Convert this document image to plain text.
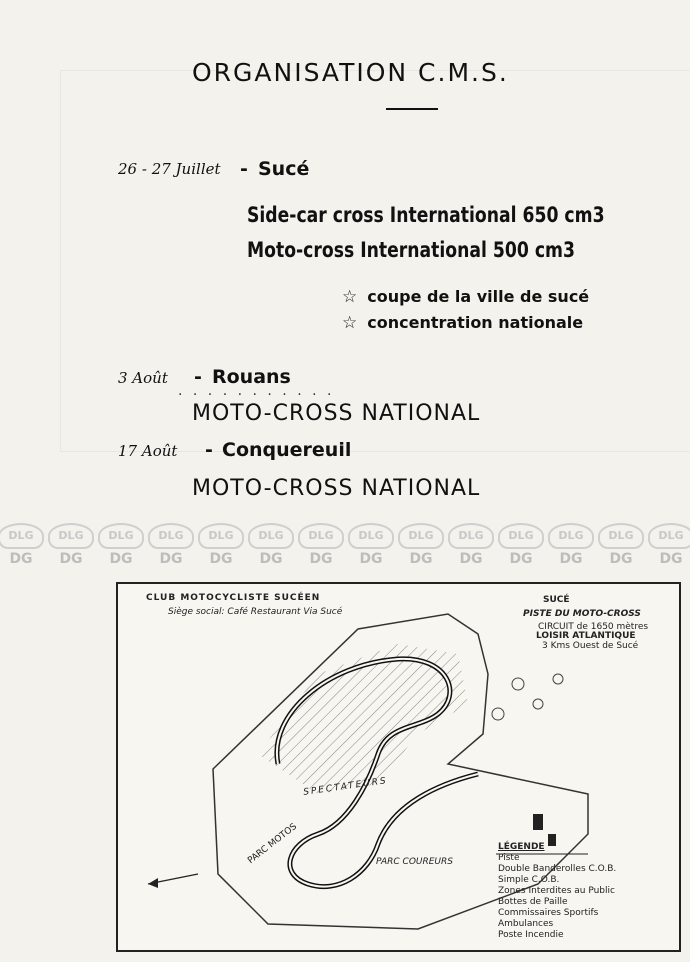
ORGANISATION C.M.S.
26 - 27 Juillet - Sucé
Side-car cross International 650 cm3
Moto-cross International 500 cm3
☆ coupe de la ville de sucé
☆ concentration nationale
3 Août - Rouans
. . . . . . . . . . .
MOTO-CROSS NATIONAL
17 Août - Conquereuil
MOTO-CROSS NATIONAL
DLG
DG
DLG
DG
DLG
DG
DLG
DG
DLG
DG
DLG
DG
DLG
DG
DLG
DG
DLG
DG
DLG
DG
DLG
DG
DLG
DG
DLG
DG
DLG
DG
CLUB MOTOCYCLISTE SUCÉEN
Siège social: Café Restaurant Via Sucé
SUCÉ
PISTE DU MOTO-CROSS
CIRCUIT de 1650 mètres
LOISIR ATLANTIQUE
3 Kms Ouest de Sucé
SPECTATEURS
PARC MOTOS	PARC COUREURS
LÉGENDE
Piste
Double Banderolles C.O.B.
Simple C.O.B.
Zones Interdites au Public
Bottes de Paille
Commissaires Sportifs
Ambulances
Poste Incendie
